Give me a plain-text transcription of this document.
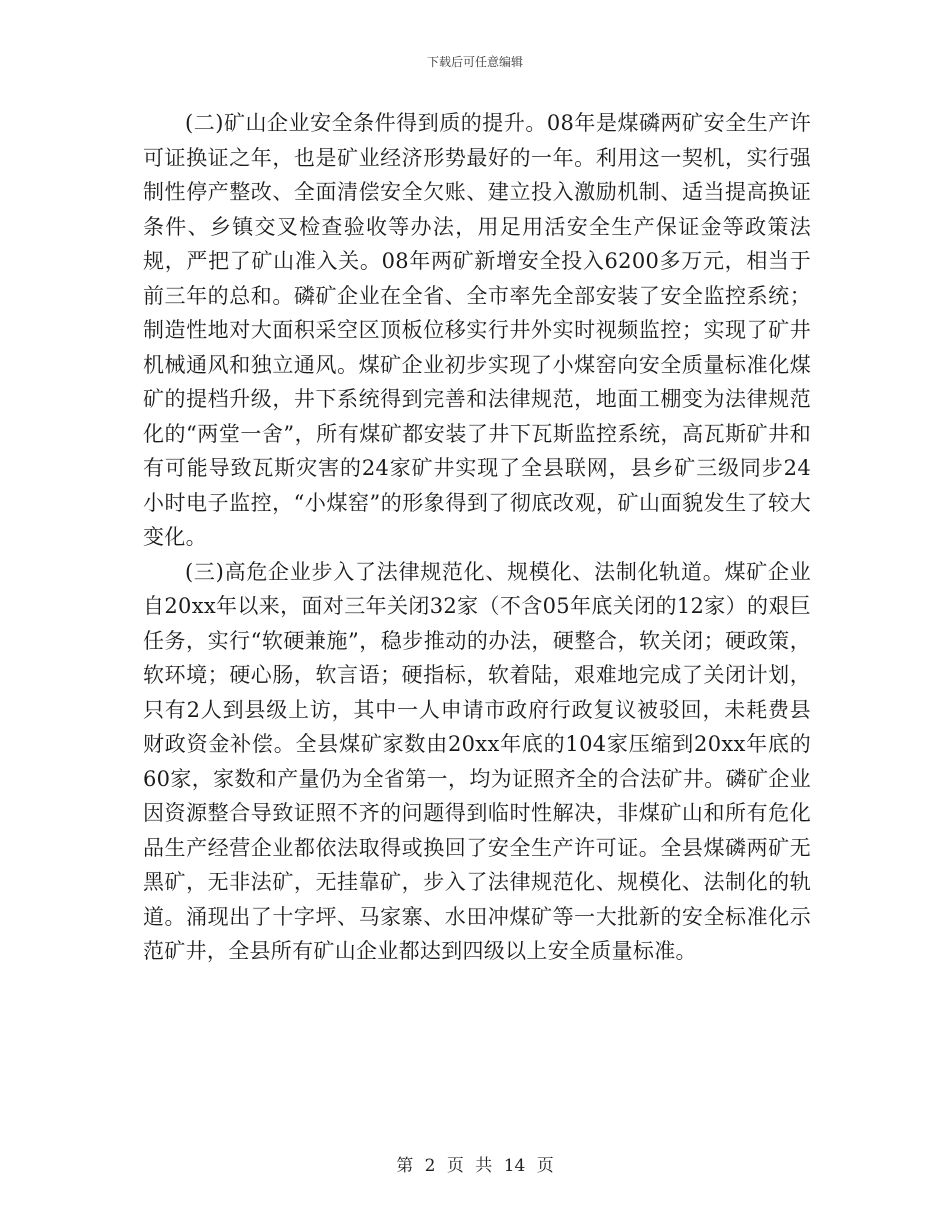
下载后可任意编辑

(二)矿山企业安全条件得到质的提升。08年是煤磷两矿安全生产许可证换证之年，也是矿业经济形势最好的一年。利用这一契机，实行强制性停产整改、全面清偿安全欠账、建立投入激励机制、适当提高换证条件、乡镇交叉检查验收等办法，用足用活安全生产保证金等政策法规，严把了矿山准入关。08年两矿新增安全投入6200多万元，相当于前三年的总和。磷矿企业在全省、全市率先全部安装了安全监控系统；制造性地对大面积采空区顶板位移实行井外实时视频监控；实现了矿井机械通风和独立通风。煤矿企业初步实现了小煤窑向安全质量标准化煤矿的提档升级，井下系统得到完善和法律规范，地面工棚变为法律规范化的“两堂一舍”，所有煤矿都安装了井下瓦斯监控系统，高瓦斯矿井和有可能导致瓦斯灾害的24家矿井实现了全县联网，县乡矿三级同步24小时电子监控，“小煤窑”的形象得到了彻底改观，矿山面貌发生了较大变化。

(三)高危企业步入了法律规范化、规模化、法制化轨道。煤矿企业自20xx年以来，面对三年关闭32家（不含05年底关闭的12家）的艰巨任务，实行“软硬兼施”，稳步推动的办法，硬整合，软关闭；硬政策，软环境；硬心肠，软言语；硬指标，软着陆，艰难地完成了关闭计划，只有2人到县级上访，其中一人申请市政府行政复议被驳回，未耗费县财政资金补偿。全县煤矿家数由20xx年底的104家压缩到20xx年底的60家，家数和产量仍为全省第一，均为证照齐全的合法矿井。磷矿企业因资源整合导致证照不齐的问题得到临时性解决，非煤矿山和所有危化品生产经营企业都依法取得或换回了安全生产许可证。全县煤磷两矿无黑矿，无非法矿，无挂靠矿，步入了法律规范化、规模化、法制化的轨道。涌现出了十字坪、马家寨、水田冲煤矿等一大批新的安全标准化示范矿井，全县所有矿山企业都达到四级以上安全质量标准。

第 2 页 共 14 页
